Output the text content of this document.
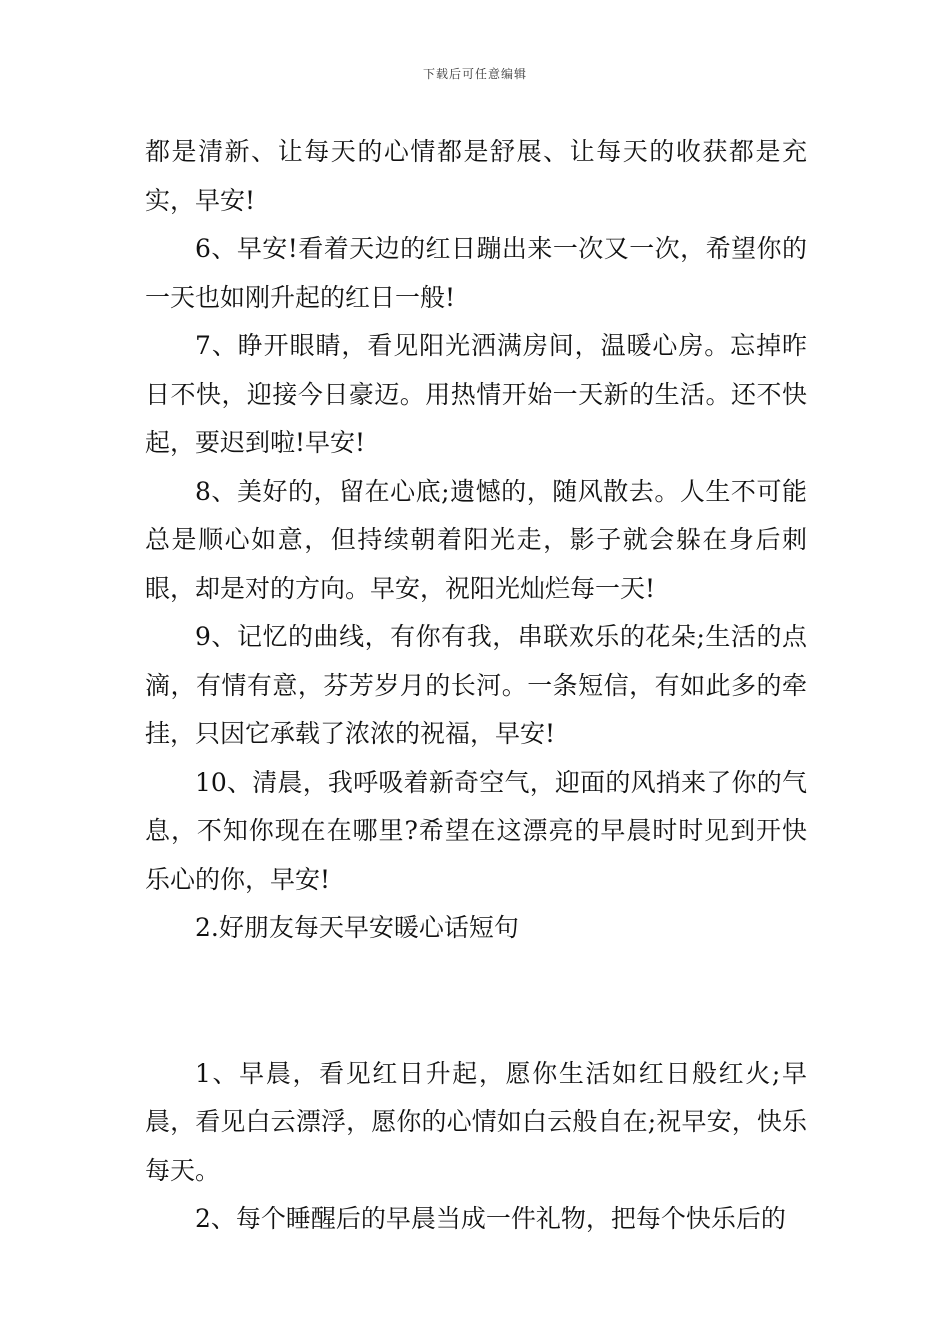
下载后可任意编辑

都是清新、让每天的心情都是舒展、让每天的收获都是充实，早安!

6、早安!看着天边的红日蹦出来一次又一次，希望你的一天也如刚升起的红日一般!

7、睁开眼睛，看见阳光洒满房间，温暖心房。忘掉昨日不快，迎接今日豪迈。用热情开始一天新的生活。还不快起，要迟到啦!早安!

8、美好的，留在心底;遗憾的，随风散去。人生不可能总是顺心如意，但持续朝着阳光走，影子就会躲在身后刺眼，却是对的方向。早安，祝阳光灿烂每一天!

9、记忆的曲线，有你有我，串联欢乐的花朵;生活的点滴，有情有意，芬芳岁月的长河。一条短信，有如此多的牵挂，只因它承载了浓浓的祝福，早安!

10、清晨，我呼吸着新奇空气，迎面的风捎来了你的气息，不知你现在在哪里?希望在这漂亮的早晨时时见到开快乐心的你，早安!

2.好朋友每天早安暖心话短句

1、早晨，看见红日升起，愿你生活如红日般红火;早晨，看见白云漂浮，愿你的心情如白云般自在;祝早安，快乐每天。

2、每个睡醒后的早晨当成一件礼物，把每个快乐后的
